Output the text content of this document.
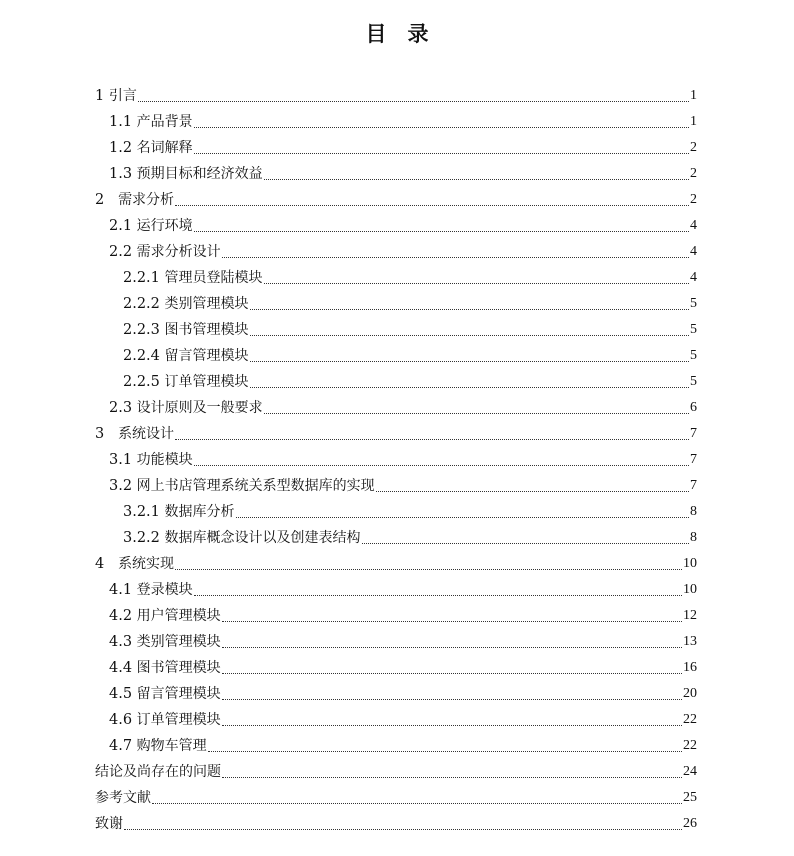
目　录
1 引言	1
1.1 产品背景	1
1.2 名词解释	2
1.3 预期目标和经济效益	2
2 需求分析	2
2.1 运行环境	4
2.2 需求分析设计	4
2.2.1 管理员登陆模块	4
2.2.2 类别管理模块	5
2.2.3 图书管理模块	5
2.2.4 留言管理模块	5
2.2.5 订单管理模块	5
2.3 设计原则及一般要求	6
3 系统设计	7
3.1 功能模块	7
3.2 网上书店管理系统关系型数据库的实现	7
3.2.1 数据库分析	8
3.2.2 数据库概念设计以及创建表结构	8
4 系统实现	10
4.1 登录模块	10
4.2 用户管理模块	12
4.3 类别管理模块	13
4.4 图书管理模块	16
4.5 留言管理模块	20
4.6 订单管理模块	22
4.7 购物车管理	22
结论及尚存在的问题	24
参考文献	25
致谢	26
